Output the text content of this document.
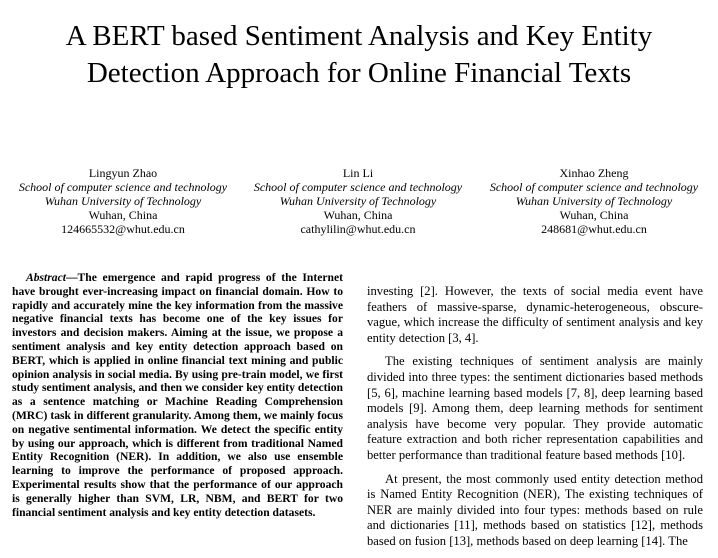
A BERT based Sentiment Analysis and Key Entity
Detection Approach for Online Financial Texts
Lingyun Zhao
School of computer science and technology
Wuhan University of Technology
Wuhan, China
124665532@whut.edu.cn
Lin Li
School of computer science and technology
Wuhan University of Technology
Wuhan, China
cathylilin@whut.edu.cn
Xinhao Zheng
School of computer science and technology
Wuhan University of Technology
Wuhan, China
248681@whut.edu.cn

Abstract—The emergence and rapid progress of the Internet have brought ever-increasing impact on financial domain. How to rapidly and accurately mine the key information from the massive negative financial texts has become one of the key issues for investors and decision makers. Aiming at the issue, we propose a sentiment analysis and key entity detection approach based on BERT, which is applied in online financial text mining and public opinion analysis in social media. By using pre-train model, we first study sentiment analysis, and then we consider key entity detection as a sentence matching or Machine Reading Comprehension (MRC) task in different granularity. Among them, we mainly focus on negative sentimental information. We detect the specific entity by using our approach, which is different from traditional Named Entity Recognition (NER). In addition, we also use ensemble learning to improve the performance of proposed approach. Experimental results show that the performance of our approach is generally higher than SVM, LR, NBM, and BERT for two financial sentiment analysis and key entity detection datasets.

investing [2]. However, the texts of social media event have feathers of massive-sparse, dynamic-heterogeneous, obscure-vague, which increase the difficulty of sentiment analysis and key entity detection [3, 4].

The existing techniques of sentiment analysis are mainly divided into three types: the sentiment dictionaries based methods [5, 6], machine learning based models [7, 8], deep learning based models [9]. Among them, deep learning methods for sentiment analysis have become very popular. They provide automatic feature extraction and both richer representation capabilities and better performance than traditional feature based methods [10].

At present, the most commonly used entity detection method is Named Entity Recognition (NER), The existing techniques of NER are mainly divided into four types: methods based on rule and dictionaries [11], methods based on statistics [12], methods based on fusion [13], methods based on deep learning [14]. The
